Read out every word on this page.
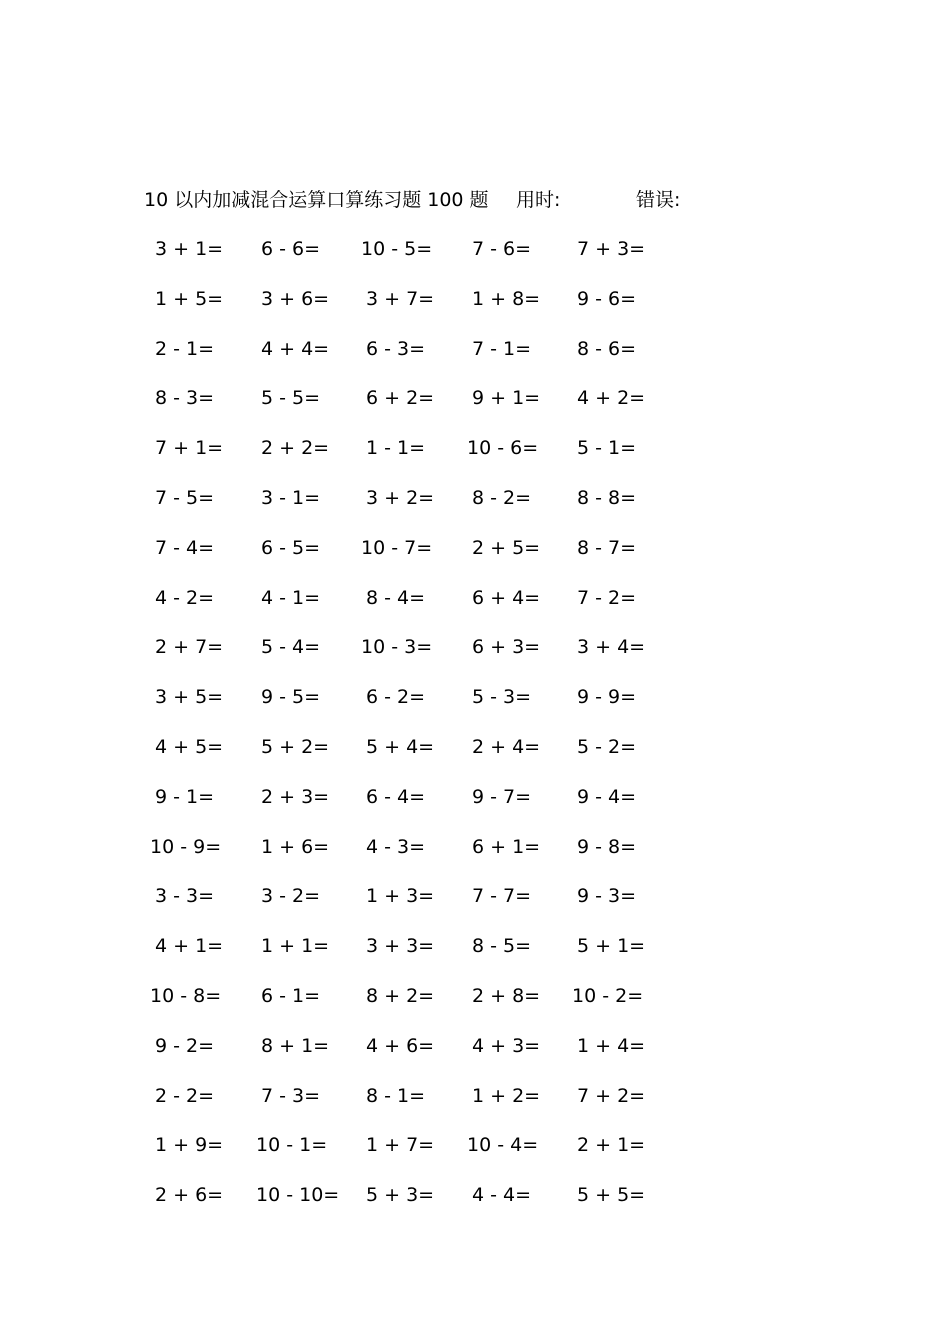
10 以内加减混合运算口算练习题 100 题 用时:	错误:
3 + 1= 6 - 6= 10 - 5= 7 - 6= 7 + 3=
1 + 5= 3 + 6= 3 + 7= 1 + 8= 9 - 6=
2 - 1= 4 + 4= 6 - 3= 7 - 1= 8 - 6=
8 - 3= 5 - 5= 6 + 2= 9 + 1= 4 + 2=
7 + 1= 2 + 2= 1 - 1= 10 - 6= 5 - 1=
7 - 5= 3 - 1= 3 + 2= 8 - 2= 8 - 8=
7 - 4= 6 - 5= 10 - 7= 2 + 5= 8 - 7=
4 - 2= 4 - 1= 8 - 4= 6 + 4= 7 - 2=
2 + 7= 5 - 4= 10 - 3= 6 + 3= 3 + 4=
3 + 5= 9 - 5= 6 - 2= 5 - 3= 9 - 9=
4 + 5= 5 + 2= 5 + 4= 2 + 4= 5 - 2=
9 - 1= 2 + 3= 6 - 4= 9 - 7= 9 - 4=
10 - 9= 1 + 6= 4 - 3= 6 + 1= 9 - 8=
3 - 3= 3 - 2= 1 + 3= 7 - 7= 9 - 3=
4 + 1= 1 + 1= 3 + 3= 8 - 5= 5 + 1=
10 - 8= 6 - 1= 8 + 2= 2 + 8= 10 - 2=
9 - 2= 8 + 1= 4 + 6= 4 + 3= 1 + 4=
2 - 2= 7 - 3= 8 - 1= 1 + 2= 7 + 2=
1 + 9= 10 - 1= 1 + 7= 10 - 4= 2 + 1=
2 + 6= 10 - 10= 5 + 3= 4 - 4= 5 + 5=
